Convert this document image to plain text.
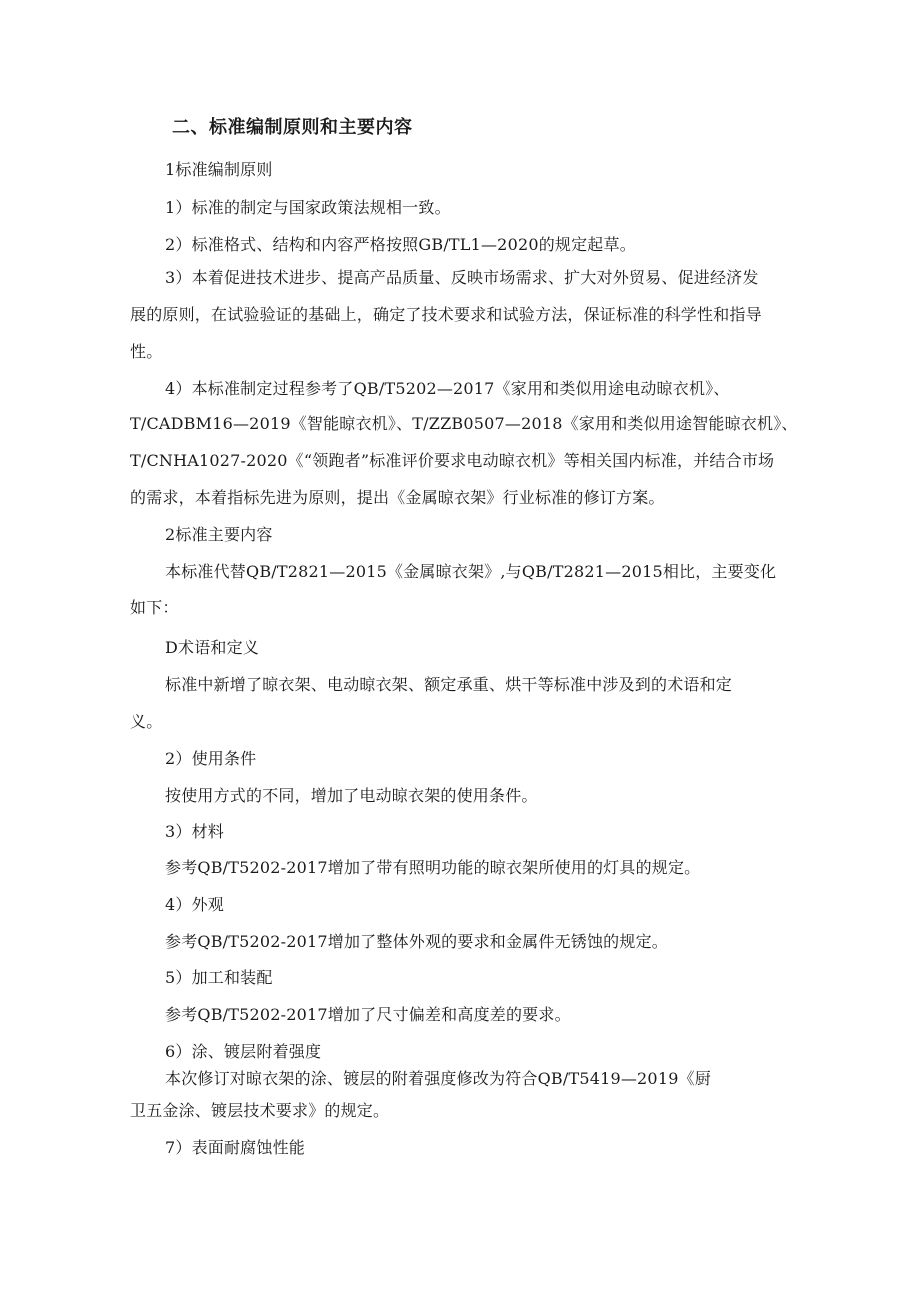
二、标准编制原则和主要内容
1标准编制原则
1）标准的制定与国家政策法规相一致。
2）标准格式、结构和内容严格按照GB/TL1—2020的规定起草。
3）本着促进技术进步、提高产品质量、反映市场需求、扩大对外贸易、促进经济发
展的原则，在试验验证的基础上，确定了技术要求和试验方法，保证标准的科学性和指导
性。
4）本标准制定过程参考了QB/T5202—2017《家用和类似用途电动晾衣机》、
T/CADBM16—2019《智能晾衣机》、T/ZZB0507—2018《家用和类似用途智能晾衣机》、
T/CNHA1027-2020《“领跑者”标准评价要求电动晾衣机》等相关国内标准，并结合市场
的需求，本着指标先进为原则，提出《金属晾衣架》行业标准的修订方案。
2标准主要内容
本标准代替QB/T2821—2015《金属晾衣架》,与QB/T2821—2015相比，主要变化
如下：
D术语和定义
标准中新增了晾衣架、电动晾衣架、额定承重、烘干等标准中涉及到的术语和定
义。
2）使用条件
按使用方式的不同，增加了电动晾衣架的使用条件。
3）材料
参考QB/T5202-2017增加了带有照明功能的晾衣架所使用的灯具的规定。
4）外观
参考QB/T5202-2017增加了整体外观的要求和金属件无锈蚀的规定。
5）加工和装配
参考QB/T5202-2017增加了尺寸偏差和高度差的要求。
6）涂、镀层附着强度
本次修订对晾衣架的涂、镀层的附着强度修改为符合QB/T5419—2019《厨
卫五金涂、镀层技术要求》的规定。
7）表面耐腐蚀性能
